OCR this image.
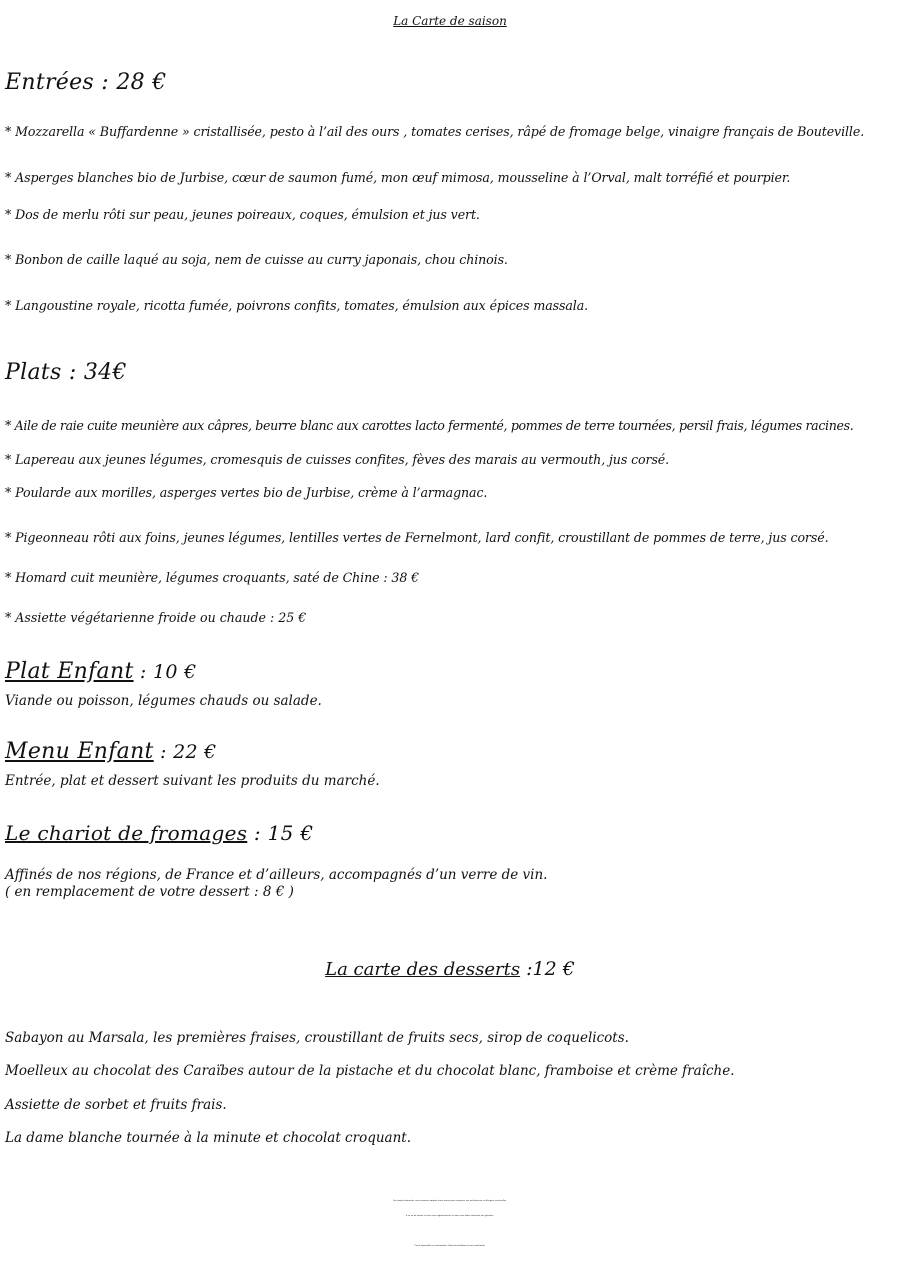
La Carte de saison
Entrées : 28 €
* Mozzarella « Buffardenne » cristallisée, pesto à l’ail des ours , tomates cerises, râpé de fromage belge, vinaigre français de Bouteville.
* Asperges blanches bio de Jurbise, cœur de saumon fumé, mon œuf mimosa, mousseline à l’Orval, malt torréfié et pourpier.
* Dos de merlu rôti sur peau, jeunes poireaux, coques, émulsion et jus vert.
* Bonbon de caille laqué au soja, nem de cuisse au curry japonais, chou chinois.
* Langoustine royale, ricotta fumée, poivrons confits, tomates, émulsion aux épices massala.
Plats : 34€
* Aile de raie cuite meunière aux câpres, beurre blanc aux carottes lacto fermenté, pommes de terre tournées, persil frais, légumes racines.
* Lapereau aux jeunes légumes, cromesquis de cuisses confites, fèves des marais au vermouth, jus corsé.
* Poularde aux morilles, asperges vertes bio de Jurbise, crème à l’armagnac.
* Pigeonneau rôti aux foins, jeunes légumes, lentilles vertes de Fernelmont, lard confit, croustillant de pommes de terre, jus corsé.
* Homard cuit meunière, légumes croquants, saté de Chine : 38 €
* Assiette végétarienne froide ou chaude : 25 €
Plat Enfant : 10 €
Viande ou poisson, légumes chauds ou salade.
Menu Enfant : 22 €
Entrée, plat et dessert suivant les produits du marché.
Le chariot de fromages : 15 €
Affinés de nos régions, de France et d’ailleurs, accompagnés d’un verre de vin.
( en remplacement de votre dessert : 8 € )
La carte des desserts :12 €
Sabayon au Marsala, les premières fraises, croustillant de fruits secs, sirop de coquelicots.
Moelleux au chocolat des Caraïbes autour de la pistache et du chocolat blanc, framboise et crème fraîche.
Assiette de sorbet et fruits frais.
La dame blanche tournée à la minute et chocolat croquant.
Sur simple demande, nous pouvons adapter votre menu pour respecter vos intolérances et allergies éventuelles.
Il en va de même si vous êtes végétarien(ne) ou que vous faites attention aux glucides.
Carte disponible en néerlandais - Kaart beschikbaar in het nederlands.
